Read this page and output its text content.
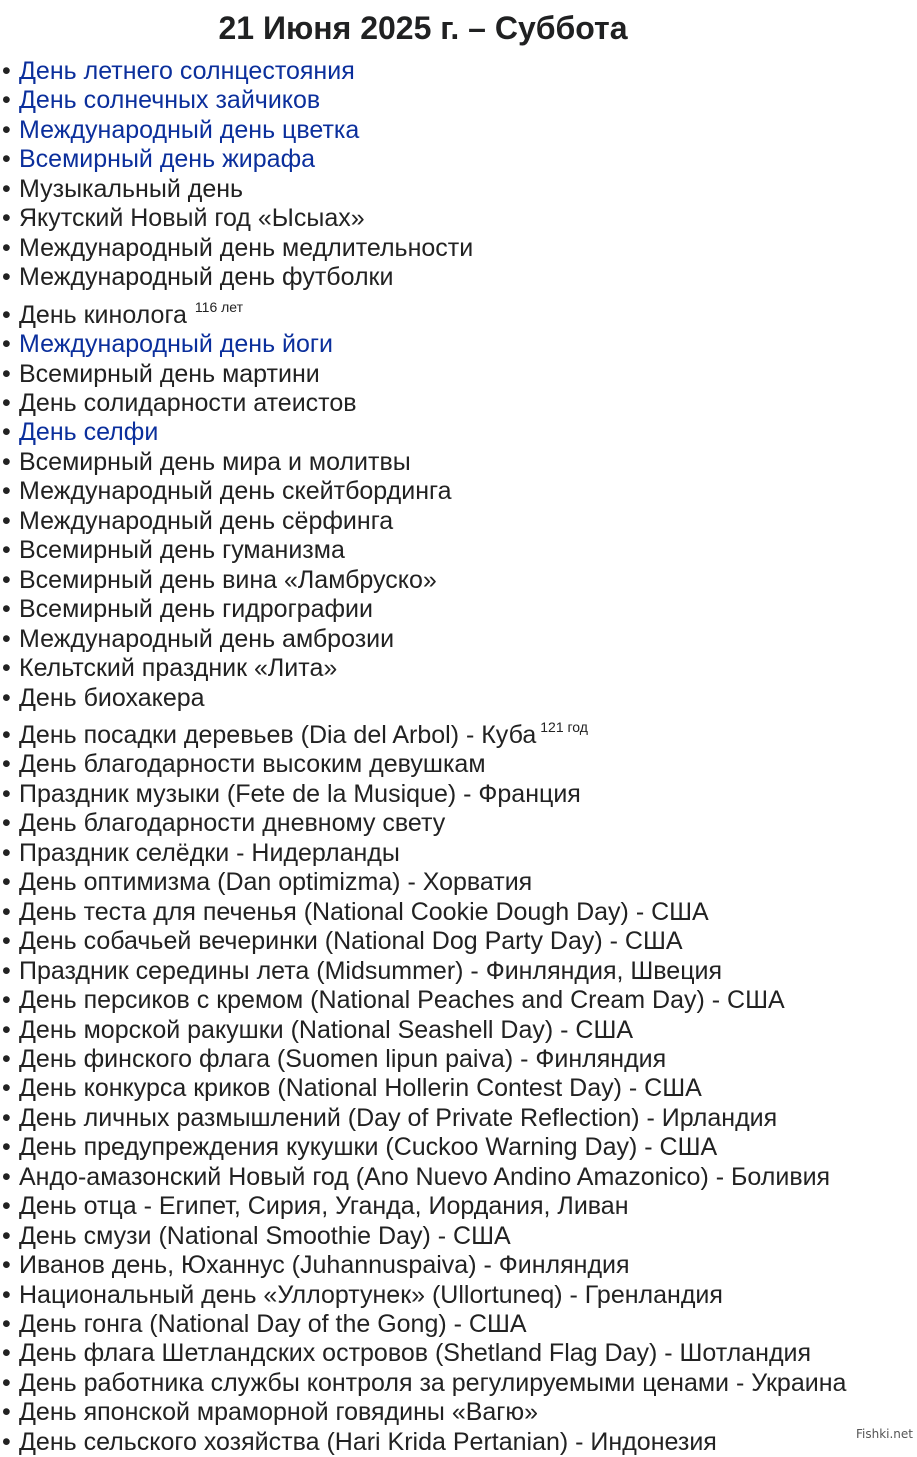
21 Июня 2025 г. – Суббота
• День летнего солнцестояния
• День солнечных зайчиков
• Международный день цветка
• Всемирный день жирафа
• Музыкальный день
• Якутский Новый год «Ысыах»
• Международный день медлительности
• Международный день футболки
• День кинолога $^{116 лет}$
• Международный день йоги
• Всемирный день мартини
• День солидарности атеистов
• День селфи
• Всемирный день мира и молитвы
• Международный день скейтбординга
• Международный день сёрфинга
• Всемирный день гуманизма
• Всемирный день вина «Ламбруско»
• Всемирный день гидрографии
• Международный день амброзии
• Кельтский праздник «Лита»
• День биохакера
• День посадки деревьев (Dia del Arbol) - Куба $^{121 год}$
• День благодарности высоким девушкам
• Праздник музыки (Fete de la Musique) - Франция
• День благодарности дневному свету
• Праздник селёдки - Нидерланды
• День оптимизма (Dan optimizma) - Хорватия
• День теста для печенья (National Cookie Dough Day) - США
• День собачьей вечеринки (National Dog Party Day) - США
• Праздник середины лета (Midsummer) - Финляндия, Швеция
• День персиков с кремом (National Peaches and Cream Day) - США
• День морской ракушки (National Seashell Day) - США
• День финского флага (Suomen lipun paiva) - Финляндия
• День конкурса криков (National Hollerin Contest Day) - США
• День личных размышлений (Day of Private Reflection) - Ирландия
• День предупреждения кукушки (Cuckoo Warning Day) - США
• Андо-амазонский Новый год (Ano Nuevo Andino Amazonico) - Боливия
• День отца - Египет, Сирия, Уганда, Иордания, Ливан
• День смузи (National Smoothie Day) - США
• Иванов день, Юханнус (Juhannuspaiva) - Финляндия
• Национальный день «Уллортунек» (Ullortuneq) - Гренландия
• День гонга (National Day of the Gong) - США
• День флага Шетландских островов (Shetland Flag Day) - Шотландия
• День работника службы контроля за регулируемыми ценами - Украина
• День японской мраморной говядины «Вагю»
• День сельского хозяйства (Hari Krida Pertanian) - Индонезия	Fishki.net
